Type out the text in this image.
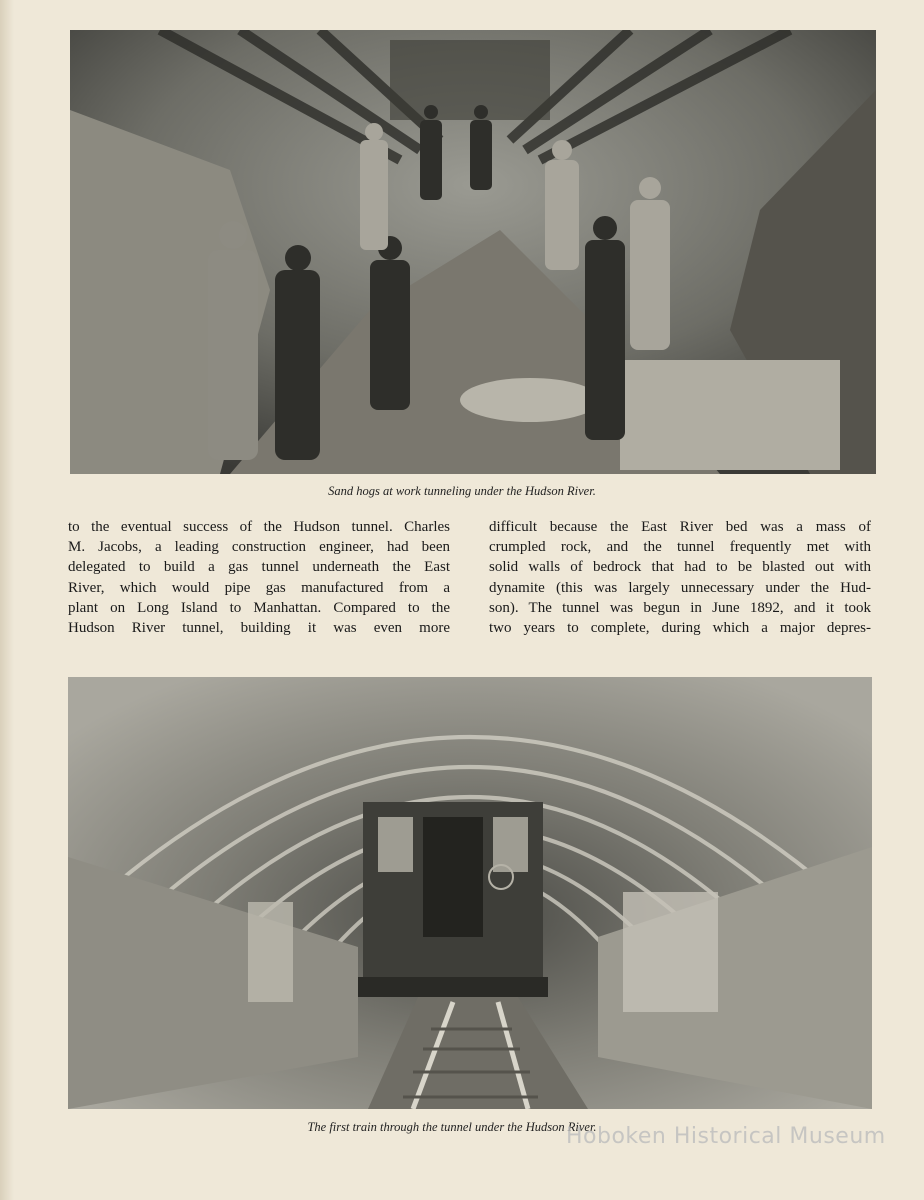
Sand hogs at work tunneling under the Hudson River.
to the eventual success of the Hudson tunnel. Charles
M. Jacobs, a leading construction engineer, had been
delegated to build a gas tunnel underneath the East
River, which would pipe gas manufactured from a
plant on Long Island to Manhattan. Compared to the
Hudson River tunnel, building it was even more
difficult because the East River bed was a mass of
crumpled rock, and the tunnel frequently met with
solid walls of bedrock that had to be blasted out with
dynamite (this was largely unnecessary under the Hud-
son). The tunnel was begun in June 1892, and it took
two years to complete, during which a major depres-
The first train through the tunnel under the Hudson River.
Hoboken Historical Museum
